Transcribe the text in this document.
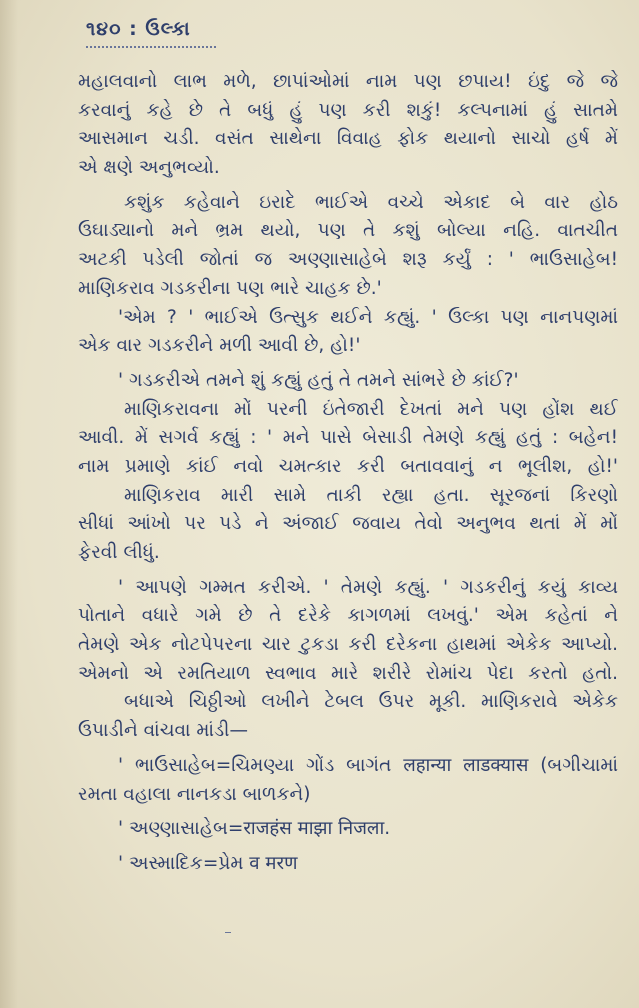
૧૪૦ : ઉલ્કા
મહાલવાનો લાભ મળે, છાપાંઓમાં નામ પણ છપાય! ઇંદુ જે જે
કરવાનું કહે છે તે બધું હું પણ કરી શકું! કલ્પનામાં હું સાતમે
આસમાન ચડી. વસંત સાથેના વિવાહ ફોક થયાનો સાચો હર્ષ મેં
એ ક્ષણે અનુભવ્યો.
કશુંક કહેવાને ઇરાદે ભાઈએ વચ્ચે એકાદ બે વાર હોઠ
ઉઘાડ્યાનો મને ભ્રમ થયો, પણ તે કશું બોલ્યા નહિ. વાતચીત
અટકી પડેલી જોતાં જ અણ્ણાસાહેબે શરૂ કર્યું : ' ભાઉસાહેબ!
માણિકરાવ ગડકરીના પણ ભારે ચાહક છે.'
'એમ ? ' ભાઈએ ઉત્સુક થઈને કહ્યું. ' ઉલ્કા પણ નાનપણમાં
એક વાર ગડકરીને મળી આવી છે, હો!'
' ગડકરીએ તમને શું કહ્યું હતું તે તમને સાંભરે છે કાંઈ?'
માણિકરાવના મોં પરની ઇંતેજારી દેખતાં મને પણ હોંશ થઈ
આવી. મેં સગર્વ કહ્યું : ' મને પાસે બેસાડી તેમણે કહ્યું હતું : બહેન!
નામ પ્રમાણે કાંઈ નવો ચમત્કાર કરી બતાવવાનું ન ભૂલીશ, હો!'
માણિકરાવ મારી સામે તાકી રહ્યા હતા. સૂરજનાં કિરણો
સીધાં આંખો પર પડે ને અંજાઈ જવાય તેવો અનુભવ થતાં મેં મોં
ફેરવી લીધું.
' આપણે ગમ્મત કરીએ. ' તેમણે કહ્યું. ' ગડકરીનું કયું કાવ્ય
પોતાને વધારે ગમે છે તે દરેકે કાગળમાં લખવું.' એમ કહેતાં ને
તેમણે એક નોટપેપરના ચાર ટુકડા કરી દરેકના હાથમાં એકેક આપ્યો.
એમનો એ રમતિયાળ સ્વભાવ મારે શરીરે રોમાંચ પેદા કરતો હતો.
બધાએ ચિઠ્ઠીઓ લખીને ટેબલ ઉપર મૂકી. માણિકરાવે એકેક
ઉપાડીને વાંચવા માંડી—
' ભાઉસાહેબ=ચિમણ્યા ગોંડ બાગંત लहान्या लाडक्यास (બગીચામાં
રમતા વહાલા નાનકડા બાળકને)
' અણ્ણાસાહેબ=राजहंस माझा निजला.
' અસ્માદિક=પ્રેમ व मरण
